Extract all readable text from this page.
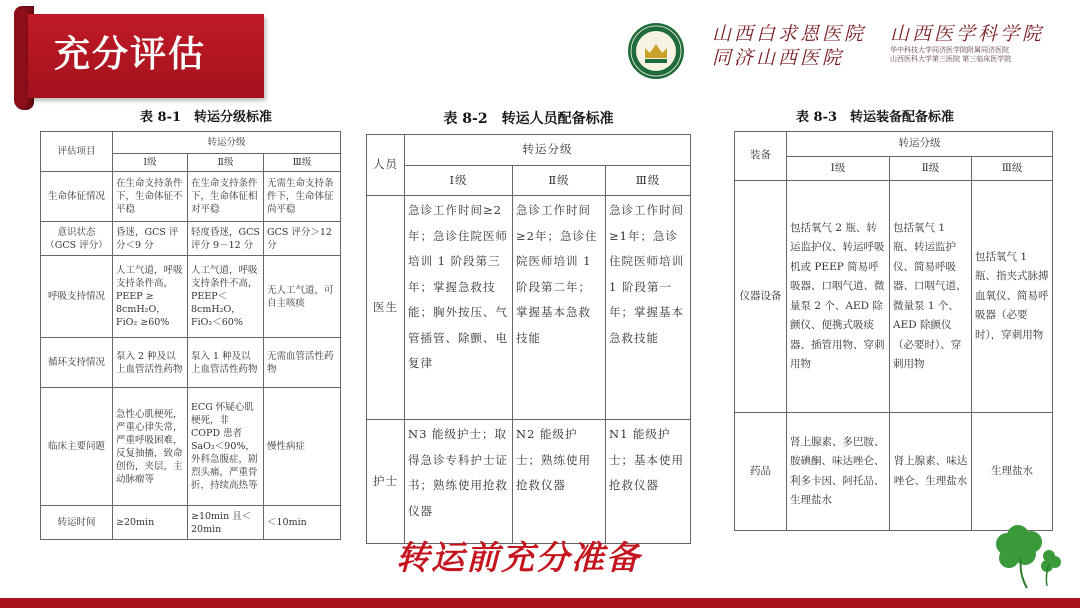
充分评估	山西白求恩医院
同济山西医院
山西医学科学院
华中科技大学同济医学院附属同济医院
山西医科大学第三医院 第三临床医学院
表 8-1　转运分级标准
评估项目	转运分级		
	Ⅰ级	Ⅱ级	Ⅲ级
生命体征情况	在生命支持条件下，生命体征不平稳	在生命支持条件下，生命体征相对平稳	无需生命支持条件下，生命体征尚平稳
意识状态（GCS 评分）	昏迷，GCS 评分＜9 分	轻度昏迷，GCS 评分 9－12 分	GCS 评分＞12 分
呼吸支持情况	人工气道，呼吸支持条件高，PEEP ≥ 8cmH₂O，FiO₂ ≥60%	人工气道，呼吸支持条件不高，PEEP＜8cmH₂O，FiO₂＜60%	无人工气道，可自主咳痰
循环支持情况	泵入 2 种及以上血管活性药物	泵入 1 种及以上血管活性药物	无需血管活性药物
临床主要问题	急性心肌梗死，严重心律失常，严重呼吸困难，反复抽搐，致命创伤，夹层，主动脉瘤等	ECG 怀疑心肌梗死，非 COPD 患者 SaO₂＜90%，外科急腹症，剧烈头痛，严重骨折，持续高热等	慢性病症
转运时间	≥20min	≥10min 且＜20min	＜10min
表 8-2　转运人员配备标准
人员	转运分级		
	Ⅰ级	Ⅱ级	Ⅲ级
医生	急诊工作时间≥2年；急诊住院医师培训 1 阶段第三年；掌握急救技能；胸外按压、气管插管、除颤、电复律	急诊工作时间≥2年；急诊住院医师培训 1 阶段第二年；掌握基本急救技能	急诊工作时间≥1年；急诊住院医师培训 1 阶段第一年；掌握基本急救技能
护士	N3 能级护士；取得急诊专科护士证书；熟练使用抢救仪器	N2 能级护士；熟练使用抢救仪器	N1 能级护士；基本使用抢救仪器
表 8-3　转运装备配备标准
装备	转运分级		
	Ⅰ级	Ⅱ级	Ⅲ级
仪器设备	包括氧气 2 瓶、转运监护仪、转运呼吸机或 PEEP 简易呼吸器、口咽气道、微量泵 2 个、AED 除颤仪、便携式吸痰器、插管用物、穿刺用物	包括氧气 1 瓶、转运监护仪、简易呼吸器、口咽气道、微量泵 1 个、AED 除颤仪（必要时）、穿刺用物	包括氧气 1 瓶、指夹式脉搏血氧仪、简易呼吸器（必要时），穿刺用物
药品	肾上腺素、多巴胺、胺碘酮、味达唑仑、利多卡因、阿托品、生理盐水	肾上腺素、味达唑仑、生理盐水	生理盐水
转运前充分准备
